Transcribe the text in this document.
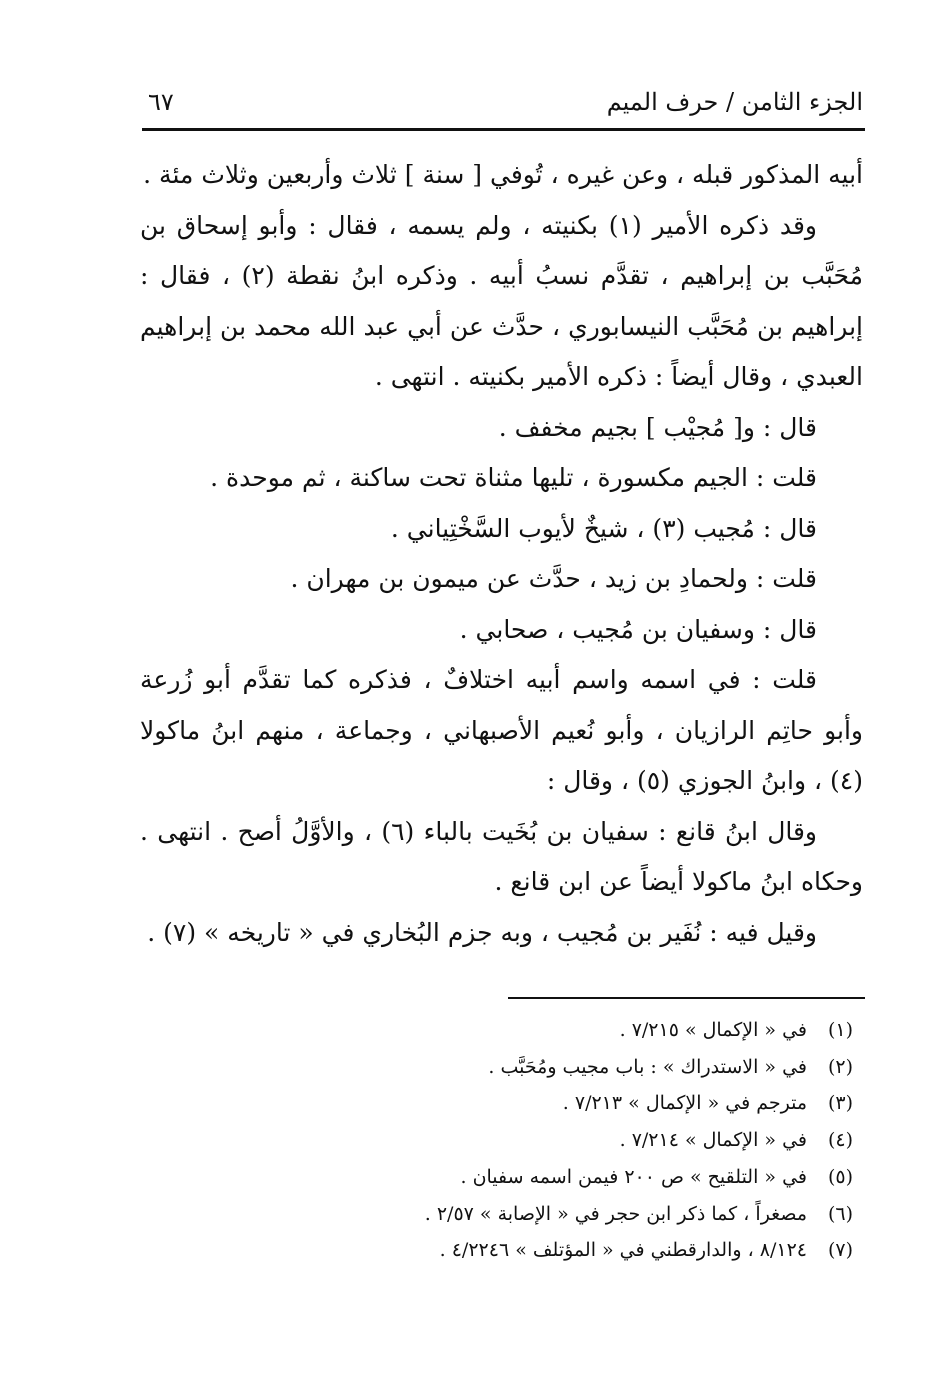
الجزء الثامن / حرف الميم
٦٧

أبيه المذكور قبله ، وعن غيره ، تُوفي [ سنة ] ثلاث وأربعين وثلاث مئة .

وقد ذكره الأمير (١) بكنيته ، ولم يسمه ، فقال : وأبو إسحاق بن مُحَبَّب بن إبراهيم ، تقدَّم نسبُ أبيه . وذكره ابنُ نقطة (٢) ، فقال : إبراهيم بن مُحَبَّب النيسابوري ، حدَّث عن أبي عبد الله محمد بن إبراهيم العبدي ، وقال أيضاً : ذكره الأمير بكنيته . انتهى .

قال : و[ مُجيْب ] بجيم مخفف .

قلت : الجيم مكسورة ، تليها مثناة تحت ساكنة ، ثم موحدة .

قال : مُجيب (٣) ، شيخٌ لأيوب السَّخْتِياني .

قلت : ولحمادِ بن زيد ، حدَّث عن ميمون بن مهران .

قال : وسفيان بن مُجيب ، صحابي .

قلت : في اسمه واسم أبيه اختلافٌ ، فذكره كما تقدَّم أبو زُرعة وأبو حاتِم الرازيان ، وأبو نُعيم الأصبهاني ، وجماعة ، منهم ابنُ ماكولا (٤) ، وابنُ الجوزي (٥) ، وقال :

وقال ابنُ قانع : سفيان بن بُخَيت بالباء (٦) ، والأوَّلُ أصح . انتهى . وحكاه ابنُ ماكولا أيضاً عن ابن قانع .

وقيل فيه : نُفَير بن مُجيب ، وبه جزم البُخاري في « تاريخه » (٧) .

(١)في « الإكمال » ٧/٢١٥ .

(٢)في « الاستدراك » : باب مجيب ومُحَبَّب .

(٣)مترجم في « الإكمال » ٧/٢١٣ .

(٤)في « الإكمال » ٧/٢١٤ .

(٥)في « التلقيح » ص ٢٠٠ فيمن اسمه سفيان .

(٦)مصغراً ، كما ذكر ابن حجر في « الإصابة » ٢/٥٧ .

(٧)٨/١٢٤ ، والدارقطني في « المؤتلف » ٤/٢٢٤٦ .
